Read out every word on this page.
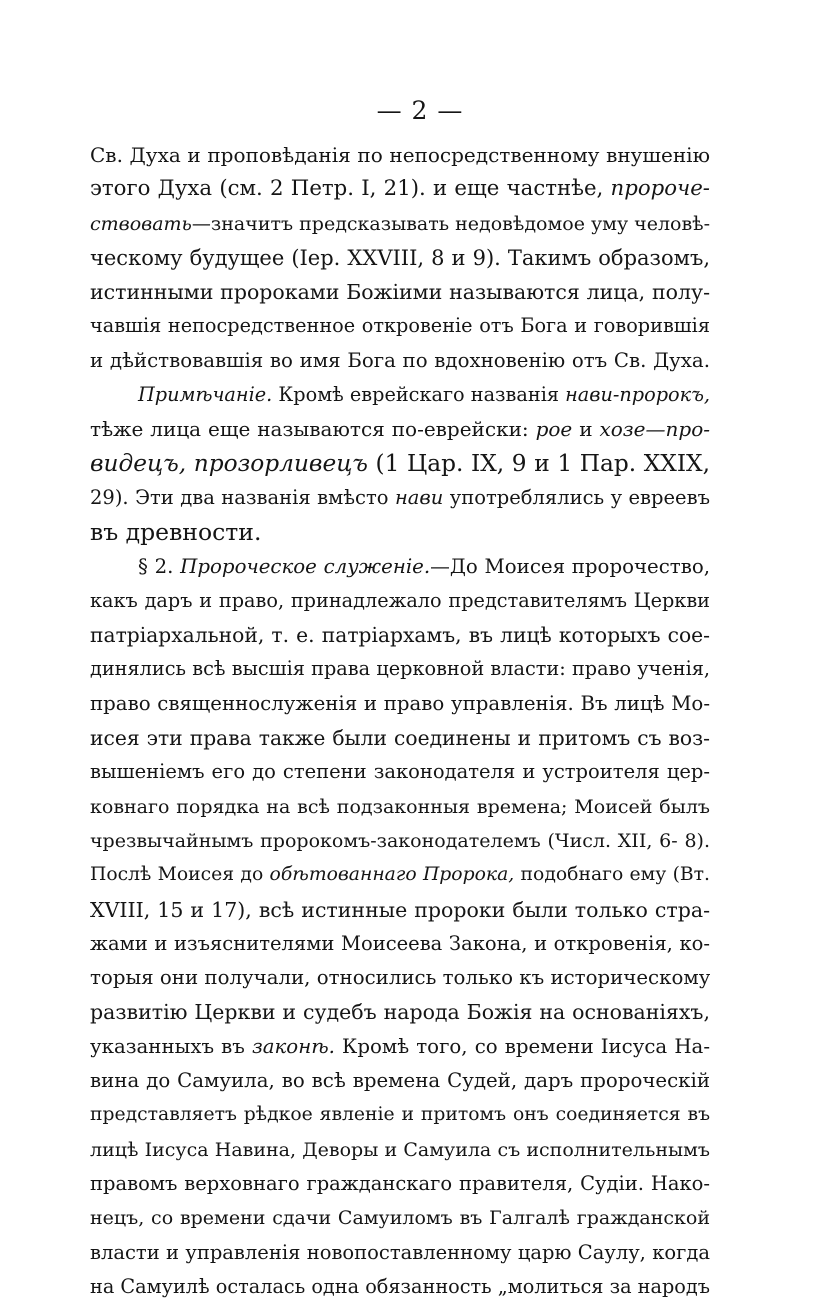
— 2 —
Св. Духа и проповѣданія по непосредственному внушенію
этого Духа (см. 2 Петр. I, 21). и еще частнѣе, пророче-
ствовать—значитъ предсказывать недовѣдомое уму человѣ-
ческому будущее (Іер. XXVIII, 8 и 9). Такимъ образомъ,
истинными пророками Божіими называются лица, полу-
чавшія непосредственное откровеніе отъ Бога и говорившія
и дѣйствовавшія во имя Бога по вдохновенію отъ Св. Духа.
Примѣчаніе. Кромѣ еврейскаго названія нави-пророкъ,
тѣже лица еще называются по-еврейски: рое и хозе—про-
видецъ, прозорливецъ (1 Цар. IX, 9 и 1 Пар. XXIX,
29). Эти два названія вмѣсто нави употреблялись у евреевъ
въ древности.
§ 2. Пророческое служеніе.—До Моисея пророчество,
какъ даръ и право, принадлежало представителямъ Церкви
патріархальной, т. е. патріархамъ, въ лицѣ которыхъ сое-
динялись всѣ высшія права церковной власти: право ученія,
право священнослуженія и право управленія. Въ лицѣ Мо-
исея эти права также были соединены и притомъ съ воз-
вышеніемъ его до степени законодателя и устроителя цер-
ковнаго порядка на всѣ подзаконныя времена; Моисей былъ
чрезвычайнымъ пророкомъ-законодателемъ (Числ. XII, 6- 8).
Послѣ Моисея до обѣтованнаго Пророка, подобнаго ему (Вт.
XVIII, 15 и 17), всѣ истинные пророки были только стра-
жами и изъяснителями Моисеева Закона, и откровенія, ко-
торыя они получали, относились только къ историческому
развитію Церкви и судебъ народа Божія на основаніяхъ,
указанныхъ въ законѣ. Кромѣ того, со времени Іисуса На-
вина до Самуила, во всѣ времена Судей, даръ пророческій
представляетъ рѣдкое явленіе и притомъ онъ соединяется въ
лицѣ Іисуса Навина, Деворы и Самуила съ исполнительнымъ
правомъ верховнаго гражданскаго правителя, Судіи. Нако-
нецъ, со времени сдачи Самуиломъ въ Галгалѣ гражданской
власти и управленія новопоставленному царю Саулу, когда
на Самуилѣ осталась одна обязанность „молиться за народъ
